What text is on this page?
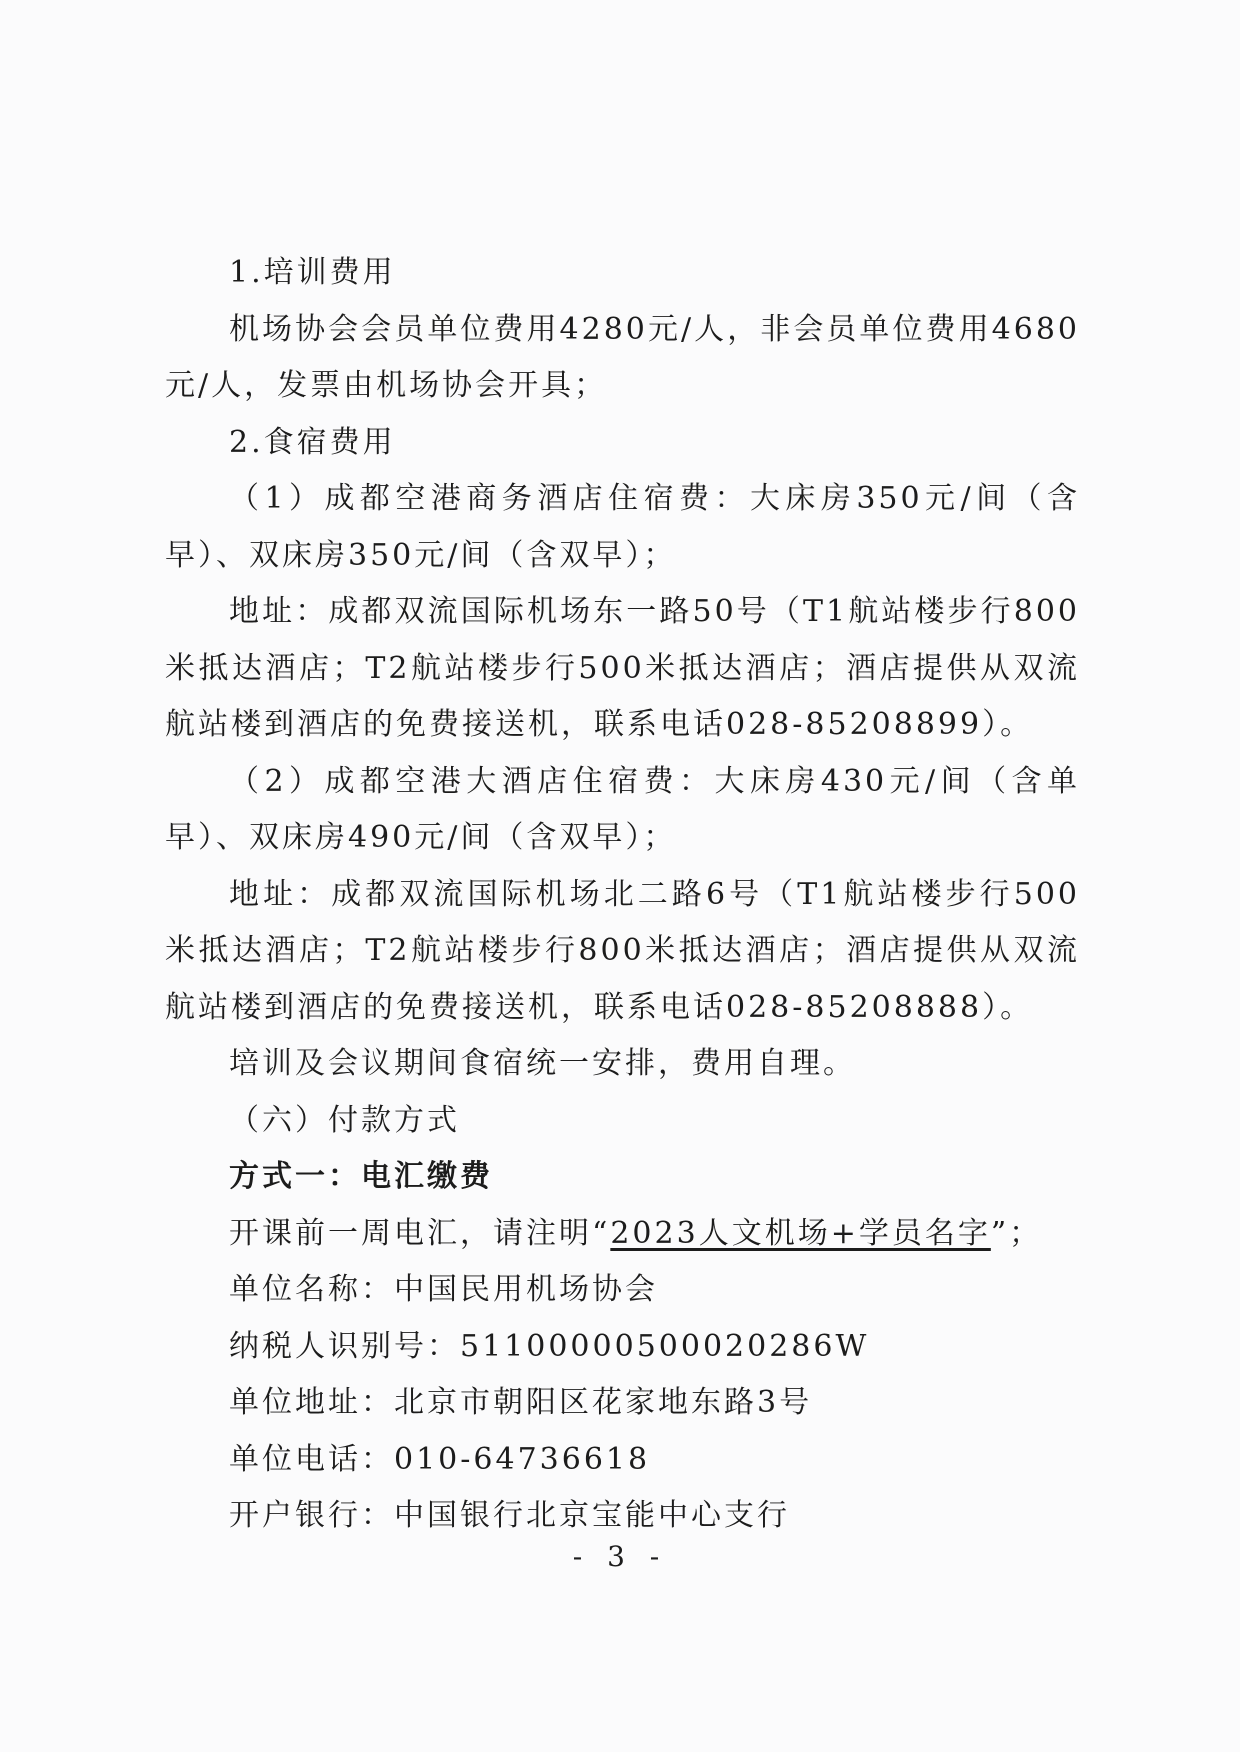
1.培训费用

机场协会会员单位费用4280元/人，非会员单位费用4680元/人，发票由机场协会开具；

2.食宿费用

（1）成都空港商务酒店住宿费：大床房350元/间（含早）、双床房350元/间（含双早）；

地址：成都双流国际机场东一路50号（T1航站楼步行800米抵达酒店；T2航站楼步行500米抵达酒店；酒店提供从双流航站楼到酒店的免费接送机，联系电话028-85208899）。

（2）成都空港大酒店住宿费：大床房430元/间（含单早）、双床房490元/间（含双早）；

地址：成都双流国际机场北二路6号（T1航站楼步行500米抵达酒店；T2航站楼步行800米抵达酒店；酒店提供从双流航站楼到酒店的免费接送机，联系电话028-85208888）。

培训及会议期间食宿统一安排，费用自理。

（六）付款方式

方式一：电汇缴费

开课前一周电汇，请注明“2023人文机场+学员名字”；

单位名称：中国民用机场协会

纳税人识别号：51100000500020286W

单位地址：北京市朝阳区花家地东路3号

单位电话：010-64736618

开户银行：中国银行北京宝能中心支行

- 3 -
